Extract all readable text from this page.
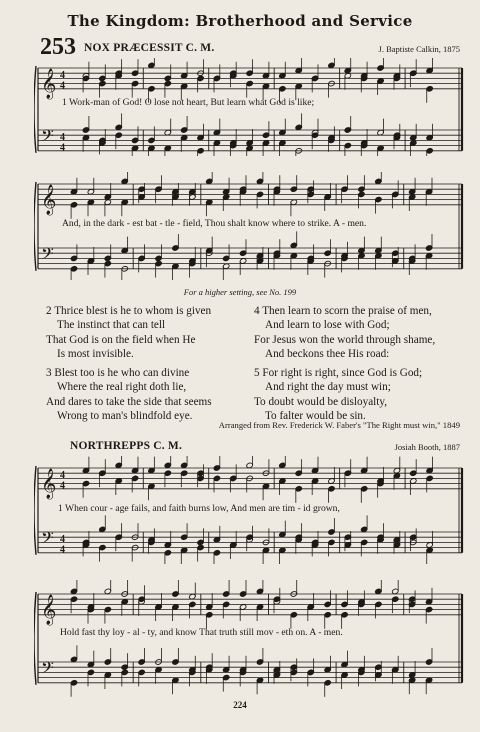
The Kingdom: Brotherhood and Service
253 NOX PRÆCESSIT C. M.	J. Baptiste Calkin, 1875
𝄞
𝄢
4
4
4
4
1 Work-man of God! O lose not heart, But learn what God is like;
𝄞
𝄢
And, in the dark - est bat - tle - field, Thou shalt know where to strike. A - men.
For a higher setting, see No. 199
2 Thrice blest is he to whom is given
The instinct that can tell
That God is on the field when He
Is most invisible.
4 Then learn to scorn the praise of men,
And learn to lose with God;
For Jesus won the world through shame,
And beckons thee His road:
3 Blest too is he who can divine
Where the real right doth lie,
And dares to take the side that seems
Wrong to man's blindfold eye.
5 For right is right, since God is God;
And right the day must win;
To doubt would be disloyalty,
To falter would be sin.
Arranged from Rev. Frederick W. Faber's "The Right must win," 1849
NORTHREPPS C. M.	Josiah Booth, 1887
𝄞
𝄢
4
4
4
4
1 When cour - age fails, and faith burns low, And men are tim - id grown,
𝄞
𝄢
Hold fast thy loy - al - ty, and know That truth still mov - eth on. A - men.
224
